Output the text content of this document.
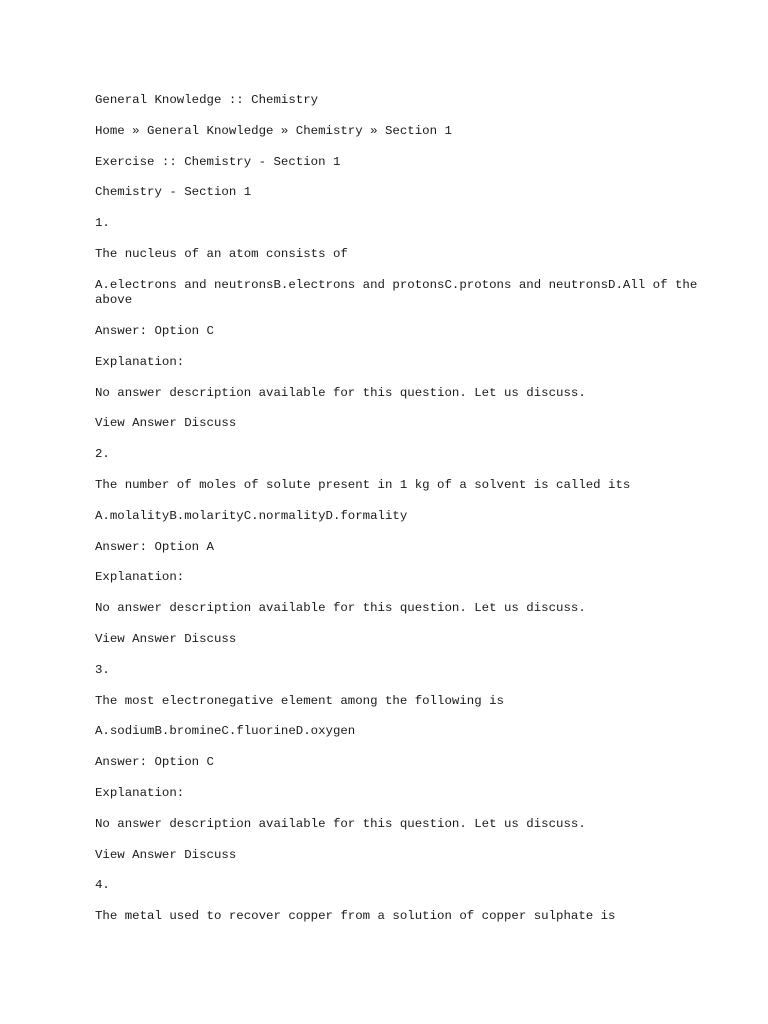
General Knowledge :: Chemistry
Home » General Knowledge » Chemistry » Section 1
Exercise :: Chemistry - Section 1
Chemistry - Section 1
1.
The nucleus of an atom consists of
A.electrons and neutronsB.electrons and protonsC.protons and neutronsD.All of the above
Answer: Option C
Explanation:
No answer description available for this question. Let us discuss.
View Answer Discuss
2.
The number of moles of solute present in 1 kg of a solvent is called its
A.molalityB.molarityC.normalityD.formality
Answer: Option A
Explanation:
No answer description available for this question. Let us discuss.
View Answer Discuss
3.
The most electronegative element among the following is
A.sodiumB.bromineC.fluorineD.oxygen
Answer: Option C
Explanation:
No answer description available for this question. Let us discuss.
View Answer Discuss
4.
The metal used to recover copper from a solution of copper sulphate is
